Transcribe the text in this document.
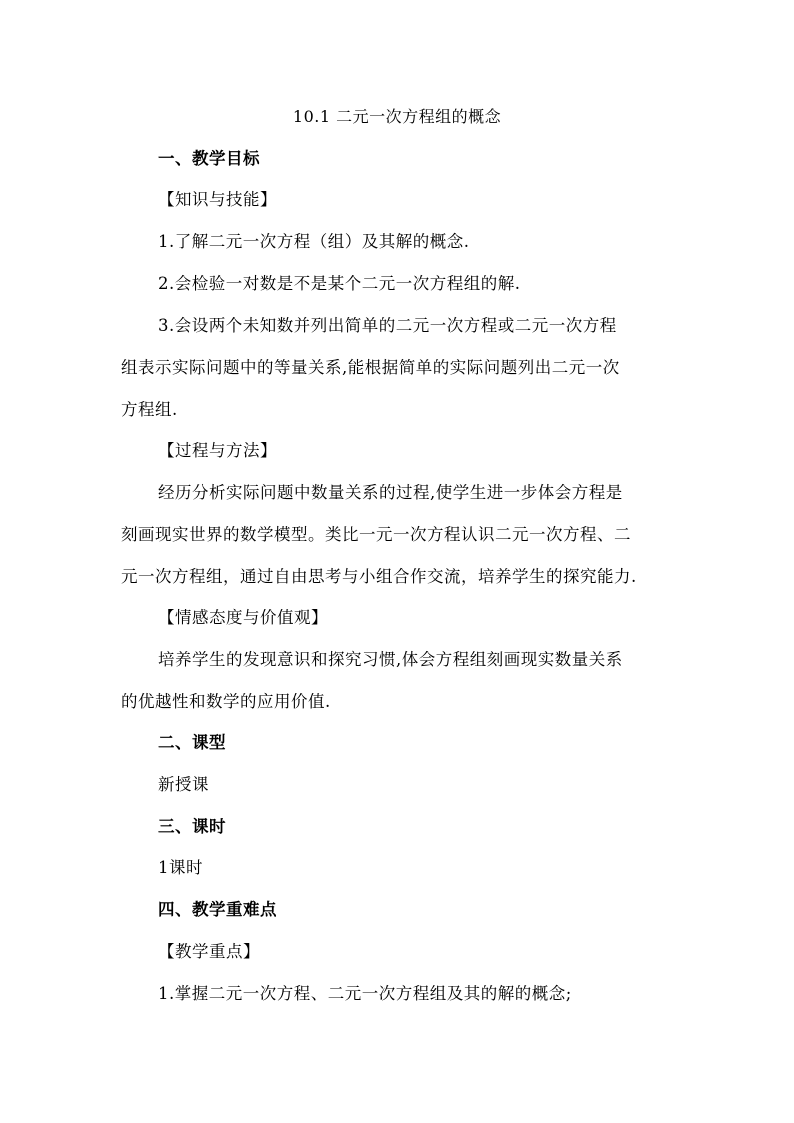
10.1 二元一次方程组的概念
一、教学目标
【知识与技能】
1.了解二元一次方程（组）及其解的概念.
2.会检验一对数是不是某个二元一次方程组的解.
3.会设两个未知数并列出简单的二元一次方程或二元一次方程
组表示实际问题中的等量关系,能根据简单的实际问题列出二元一次
方程组.
【过程与方法】
经历分析实际问题中数量关系的过程,使学生进一步体会方程是
刻画现实世界的数学模型。类比一元一次方程认识二元一次方程、二
元一次方程组，通过自由思考与小组合作交流，培养学生的探究能力.
【情感态度与价值观】
培养学生的发现意识和探究习惯,体会方程组刻画现实数量关系
的优越性和数学的应用价值.
二、课型
新授课
三、课时
1课时
四、教学重难点
【教学重点】
1.掌握二元一次方程、二元一次方程组及其的解的概念;
